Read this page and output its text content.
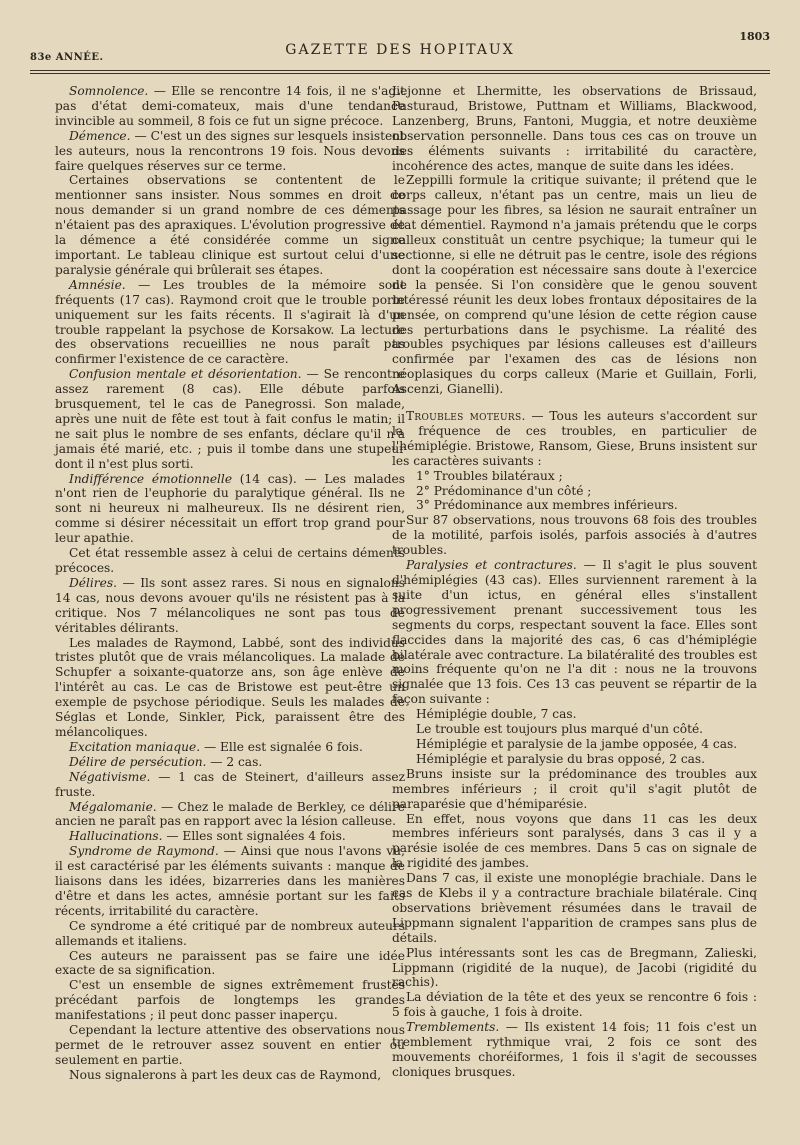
83e ANNÉE.	GAZETTE DES HOPITAUX
1803

Somnolence. — Elle se rencontre 14 fois, il ne s'agit pas d'état demi-comateux, mais d'une tendance invincible au sommeil, 8 fois ce fut un signe précoce.

Démence. — C'est un des signes sur lesquels insistent les auteurs, nous la rencontrons 19 fois. Nous devons faire quelques réserves sur ce terme.

Certaines observations se contentent de le mentionner sans insister. Nous sommes en droit de nous demander si un grand nombre de ces déments n'étaient pas des apraxiques. L'évolution progressive de la démence a été considérée comme un signe important. Le tableau clinique est surtout celui d'une paralysie générale qui brûlerait ses étapes.

Amnésie. — Les troubles de la mémoire sont fréquents (17 cas). Raymond croit que le trouble porte uniquement sur les faits récents. Il s'agirait là d'un trouble rappelant la psychose de Korsakow. La lecture des observations recueillies ne nous paraît pas confirmer l'existence de ce caractère.

Confusion mentale et désorientation. — Se rencontre assez rarement (8 cas). Elle débute parfois brusquement, tel le cas de Panegrossi. Son malade, après une nuit de fête est tout à fait confus le matin; il ne sait plus le nombre de ses enfants, déclare qu'il n'a jamais été marié, etc. ; puis il tombe dans une stupeur dont il n'est plus sorti.

Indifférence émotionnelle (14 cas). — Les malades n'ont rien de l'euphorie du paralytique général. Ils ne sont ni heureux ni malheureux. Ils ne désirent rien, comme si désirer nécessitait un effort trop grand pour leur apathie.

Cet état ressemble assez à celui de certains déments précoces.

Délires. — Ils sont assez rares. Si nous en signalons 14 cas, nous devons avouer qu'ils ne résistent pas à la critique. Nos 7 mélancoliques ne sont pas tous de véritables délirants.

Les malades de Raymond, Labbé, sont des individus tristes plutôt que de vrais mélancoliques. La malade de Schupfer a soixante-quatorze ans, son âge enlève de l'intérêt au cas. Le cas de Bristowe est peut-être un exemple de psychose périodique. Seuls les malades de Séglas et Londe, Sinkler, Pick, paraissent être des mélancoliques.

Excitation maniaque. — Elle est signalée 6 fois.

Délire de persécution. — 2 cas.

Négativisme. — 1 cas de Steinert, d'ailleurs assez fruste.

Mégalomanie. — Chez le malade de Berkley, ce délire ancien ne paraît pas en rapport avec la lésion calleuse.

Hallucinations. — Elles sont signalées 4 fois.

Syndrome de Raymond. — Ainsi que nous l'avons vu, il est caractérisé par les éléments suivants : manque de liaisons dans les idées, bizarreries dans les manières d'être et dans les actes, amnésie portant sur les faits récents, irritabilité du caractère.

Ce syndrome a été critiqué par de nombreux auteurs allemands et italiens.

Ces auteurs ne paraissent pas se faire une idée exacte de sa signification.

C'est un ensemble de signes extrêmement frustes précédant parfois de longtemps les grandes manifestations ; il peut donc passer inaperçu.

Cependant la lecture attentive des observations nous permet de le retrouver assez souvent en entier ou seulement en partie.

Nous signalerons à part les deux cas de Raymond,

Lejonne et Lhermitte, les observations de Brissaud, Pasturaud, Bristowe, Puttnam et Williams, Blackwood, Lanzenberg, Bruns, Fantoni, Muggia, et notre deuxième observation personnelle. Dans tous ces cas on trouve un des éléments suivants : irritabilité du caractère, incohérence des actes, manque de suite dans les idées.

Zeppilli formule la critique suivante; il prétend que le corps calleux, n'étant pas un centre, mais un lieu de passage pour les fibres, sa lésion ne saurait entraîner un état démentiel. Raymond n'a jamais prétendu que le corps calleux constituât un centre psychique; la tumeur qui le sectionne, si elle ne détruit pas le centre, isole des régions dont la coopération est nécessaire sans doute à l'exercice de la pensée. Si l'on considère que le genou souvent intéressé réunit les deux lobes frontaux dépositaires de la pensée, on comprend qu'une lésion de cette région cause des perturbations dans le psychisme. La réalité des troubles psychiques par lésions calleuses est d'ailleurs confirmée par l'examen des cas de lésions non néoplasiques du corps calleux (Marie et Guillain, Forli, Ascenzi, Gianelli).

Troubles moteurs. — Tous les auteurs s'accordent sur la fréquence de ces troubles, en particulier de l'hémiplégie. Bristowe, Ransom, Giese, Bruns insistent sur les caractères suivants :

1° Troubles bilatéraux ;

2° Prédominance d'un côté ;

3° Prédominance aux membres inférieurs.

Sur 87 observations, nous trouvons 68 fois des troubles de la motilité, parfois isolés, parfois associés à d'autres troubles.

Paralysies et contractures. — Il s'agit le plus souvent d'hémiplégies (43 cas). Elles surviennent rarement à la suite d'un ictus, en général elles s'installent progressivement prenant successivement tous les segments du corps, respectant souvent la face. Elles sont flaccides dans la majorité des cas, 6 cas d'hémiplégie bilatérale avec contracture. La bilatéralité des troubles est moins fréquente qu'on ne l'a dit : nous ne la trouvons signalée que 13 fois. Ces 13 cas peuvent se répartir de la façon suivante :

Hémiplégie double, 7 cas.

Le trouble est toujours plus marqué d'un côté.

Hémiplégie et paralysie de la jambe opposée, 4 cas.

Hémiplégie et paralysie du bras opposé, 2 cas.

Bruns insiste sur la prédominance des troubles aux membres inférieurs ; il croit qu'il s'agit plutôt de paraparésie que d'hémiparésie.

En effet, nous voyons que dans 11 cas les deux membres inférieurs sont paralysés, dans 3 cas il y a parésie isolée de ces membres. Dans 5 cas on signale de la rigidité des jambes.

Dans 7 cas, il existe une monoplégie brachiale. Dans le cas de Klebs il y a contracture brachiale bilatérale. Cinq observations brièvement résumées dans le travail de Lippmann signalent l'apparition de crampes sans plus de détails.

Plus intéressants sont les cas de Bregmann, Zalieski, Lippmann (rigidité de la nuque), de Jacobi (rigidité du rachis).

La déviation de la tête et des yeux se rencontre 6 fois : 5 fois à gauche, 1 fois à droite.

Tremblements. — Ils existent 14 fois; 11 fois c'est un tremblement rythmique vrai, 2 fois ce sont des mouvements choréiformes, 1 fois il s'agit de secousses cloniques brusques.
